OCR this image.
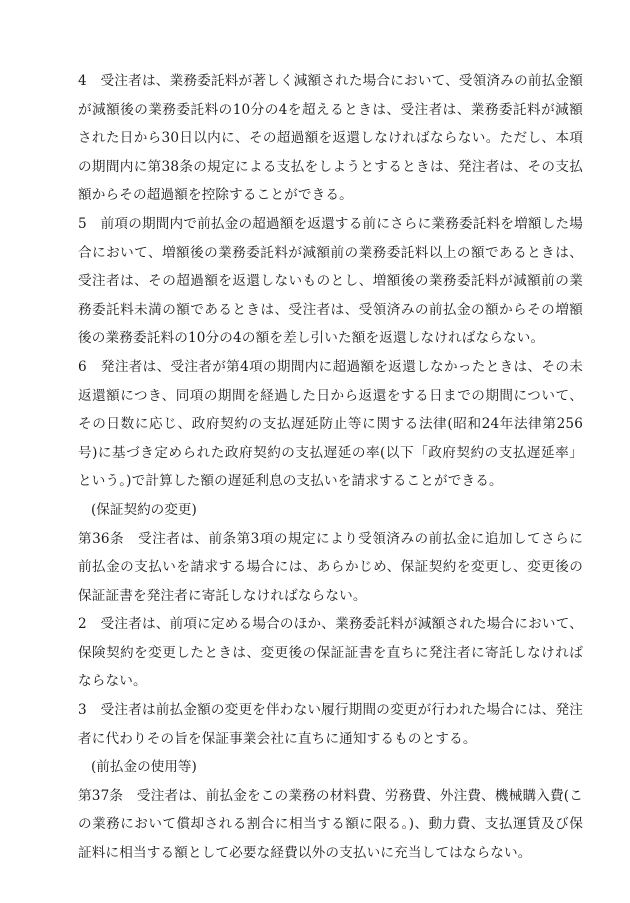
4　受注者は、業務委託料が著しく減額された場合において、受領済みの前払金額が減額後の業務委託料の10分の4を超えるときは、受注者は、業務委託料が減額された日から30日以内に、その超過額を返還しなければならない。ただし、本項の期間内に第38条の規定による支払をしようとするときは、発注者は、その支払額からその超過額を控除することができる。

5　前項の期間内で前払金の超過額を返還する前にさらに業務委託料を増額した場合において、増額後の業務委託料が減額前の業務委託料以上の額であるときは、受注者は、その超過額を返還しないものとし、増額後の業務委託料が減額前の業務委託料未満の額であるときは、受注者は、受領済みの前払金の額からその増額後の業務委託料の10分の4の額を差し引いた額を返還しなければならない。

6　発注者は、受注者が第4項の期間内に超過額を返還しなかったときは、その未返還額につき、同項の期間を経過した日から返還をする日までの期間について、その日数に応じ、政府契約の支払遅延防止等に関する法律(昭和24年法律第256号)に基づき定められた政府契約の支払遅延の率(以下「政府契約の支払遅延率」という。)で計算した額の遅延利息の支払いを請求することができる。

(保証契約の変更)

第36条　受注者は、前条第3項の規定により受領済みの前払金に追加してさらに前払金の支払いを請求する場合には、あらかじめ、保証契約を変更し、変更後の保証証書を発注者に寄託しなければならない。

2　受注者は、前項に定める場合のほか、業務委託料が減額された場合において、保険契約を変更したときは、変更後の保証証書を直ちに発注者に寄託しなければならない。

3　受注者は前払金額の変更を伴わない履行期間の変更が行われた場合には、発注者に代わりその旨を保証事業会社に直ちに通知するものとする。

(前払金の使用等)

第37条　受注者は、前払金をこの業務の材料費、労務費、外注費、機械購入費(この業務において償却される割合に相当する額に限る。)、動力費、支払運賃及び保証料に相当する額として必要な経費以外の支払いに充当してはならない。
